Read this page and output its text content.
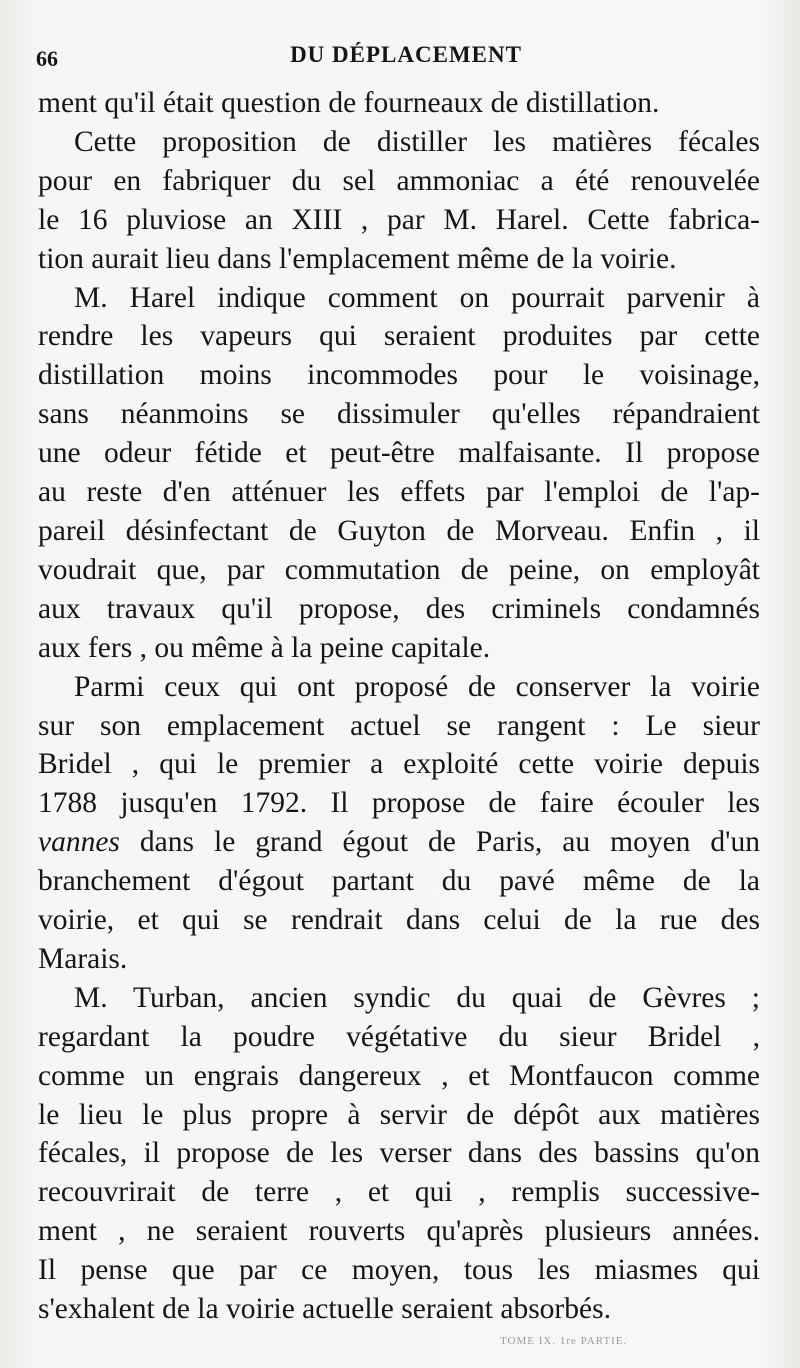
66	DU DÉPLACEMENT

ment qu'il était question de fourneaux de distillation.

Cette proposition de distiller les matières fécales
pour en fabriquer du sel ammoniac a été renouvelée
le 16 pluviose an XIII , par M. Harel. Cette fabrica-
tion aurait lieu dans l'emplacement même de la voirie.

M. Harel indique comment on pourrait parvenir à
rendre les vapeurs qui seraient produites par cette
distillation moins incommodes pour le voisinage,
sans néanmoins se dissimuler qu'elles répandraient
une odeur fétide et peut-être malfaisante. Il propose
au reste d'en atténuer les effets par l'emploi de l'ap-
pareil désinfectant de Guyton de Morveau. Enfin , il
voudrait que, par commutation de peine, on employât
aux travaux qu'il propose, des criminels condamnés
aux fers , ou même à la peine capitale.

Parmi ceux qui ont proposé de conserver la voirie
sur son emplacement actuel se rangent : Le sieur
Bridel , qui le premier a exploité cette voirie depuis
1788 jusqu'en 1792. Il propose de faire écouler les
vannes dans le grand égout de Paris, au moyen d'un
branchement d'égout partant du pavé même de la
voirie, et qui se rendrait dans celui de la rue des
Marais.

M. Turban, ancien syndic du quai de Gèvres ;
regardant la poudre végétative du sieur Bridel ,
comme un engrais dangereux , et Montfaucon comme
le lieu le plus propre à servir de dépôt aux matières
fécales, il propose de les verser dans des bassins qu'on
recouvrirait de terre , et qui , remplis successive-
ment , ne seraient rouverts qu'après plusieurs années.
Il pense que par ce moyen, tous les miasmes qui
s'exhalent de la voirie actuelle seraient absorbés.

TOME IX. 1re PARTIE.
